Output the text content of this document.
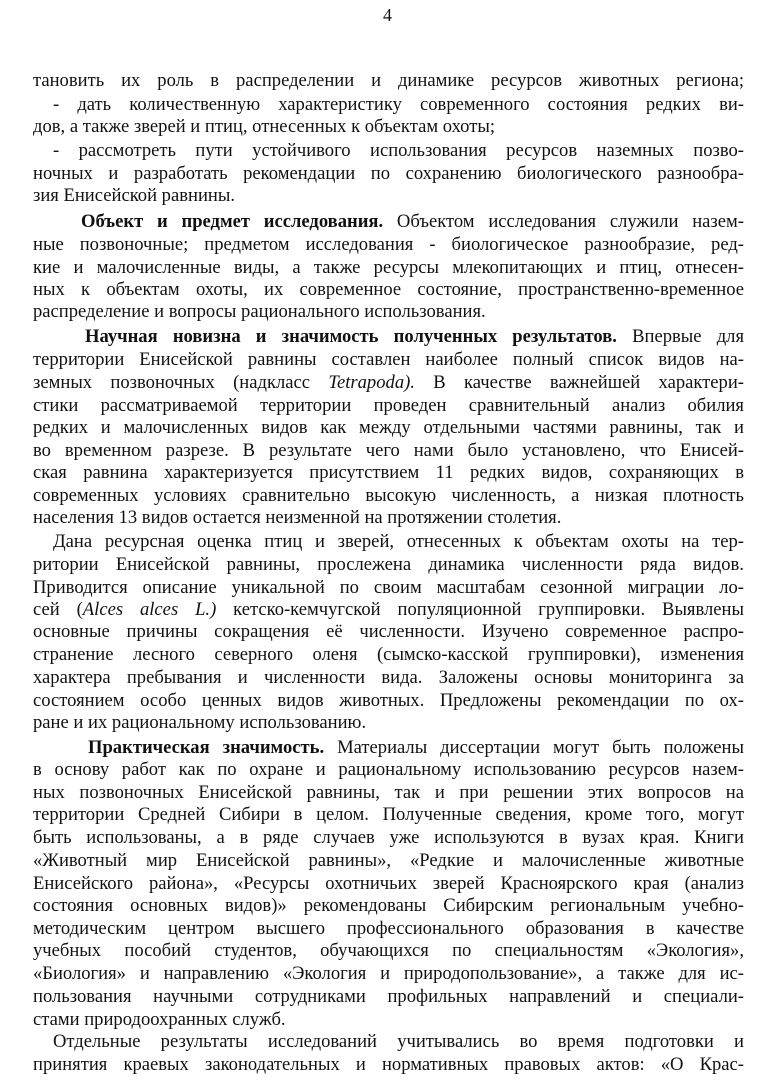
4
тановить их роль в распределении и динамике ресурсов животных региона;
- дать количественную характеристику современного состояния редких ви-
дов, а также зверей и птиц, отнесенных к объектам охоты;
- рассмотреть пути устойчивого использования ресурсов наземных позво-
ночных и разработать рекомендации по сохранению биологического разнообра-
зия Енисейской равнины.
Объект и предмет исследования. Объектом исследования служили назем-
ные позвоночные; предметом исследования - биологическое разнообразие, ред-
кие и малочисленные виды, а также ресурсы млекопитающих и птиц, отнесен-
ных к объектам охоты, их современное состояние, пространственно-временное
распределение и вопросы рационального использования.
Научная новизна и значимость полученных результатов. Впервые для
территории Енисейской равнины составлен наиболее полный список видов на-
земных позвоночных (надкласс Tetrapoda). В качестве важнейшей характери-
стики рассматриваемой территории проведен сравнительный анализ обилия
редких и малочисленных видов как между отдельными частями равнины, так и
во временном разрезе. В результате чего нами было установлено, что Енисей-
ская равнина характеризуется присутствием 11 редких видов, сохраняющих в
современных условиях сравнительно высокую численность, а низкая плотность
населения 13 видов остается неизменной на протяжении столетия.
Дана ресурсная оценка птиц и зверей, отнесенных к объектам охоты на тер-
ритории Енисейской равнины, прослежена динамика численности ряда видов.
Приводится описание уникальной по своим масштабам сезонной миграции ло-
сей (Alces alces L.) кетско-кемчугской популяционной группировки. Выявлены
основные причины сокращения её численности. Изучено современное распро-
странение лесного северного оленя (сымско-касской группировки), изменения
характера пребывания и численности вида. Заложены основы мониторинга за
состоянием особо ценных видов животных. Предложены рекомендации по ох-
ране и их рациональному использованию.
Практическая значимость. Материалы диссертации могут быть положены
в основу работ как по охране и рациональному использованию ресурсов назем-
ных позвоночных Енисейской равнины, так и при решении этих вопросов на
территории Средней Сибири в целом. Полученные сведения, кроме того, могут
быть использованы, а в ряде случаев уже используются в вузах края. Книги
«Животный мир Енисейской равнины», «Редкие и малочисленные животные
Енисейского района», «Ресурсы охотничьих зверей Красноярского края (анализ
состояния основных видов)» рекомендованы Сибирским региональным учебно-
методическим центром высшего профессионального образования в качестве
учебных пособий студентов, обучающихся по специальностям «Экология»,
«Биология» и направлению «Экология и природопользование», а также для ис-
пользования научными сотрудниками профильных направлений и специали-
стами природоохранных служб.
Отдельные результаты исследований учитывались во время подготовки и
принятия краевых законодательных и нормативных правовых актов: «О Крас-
